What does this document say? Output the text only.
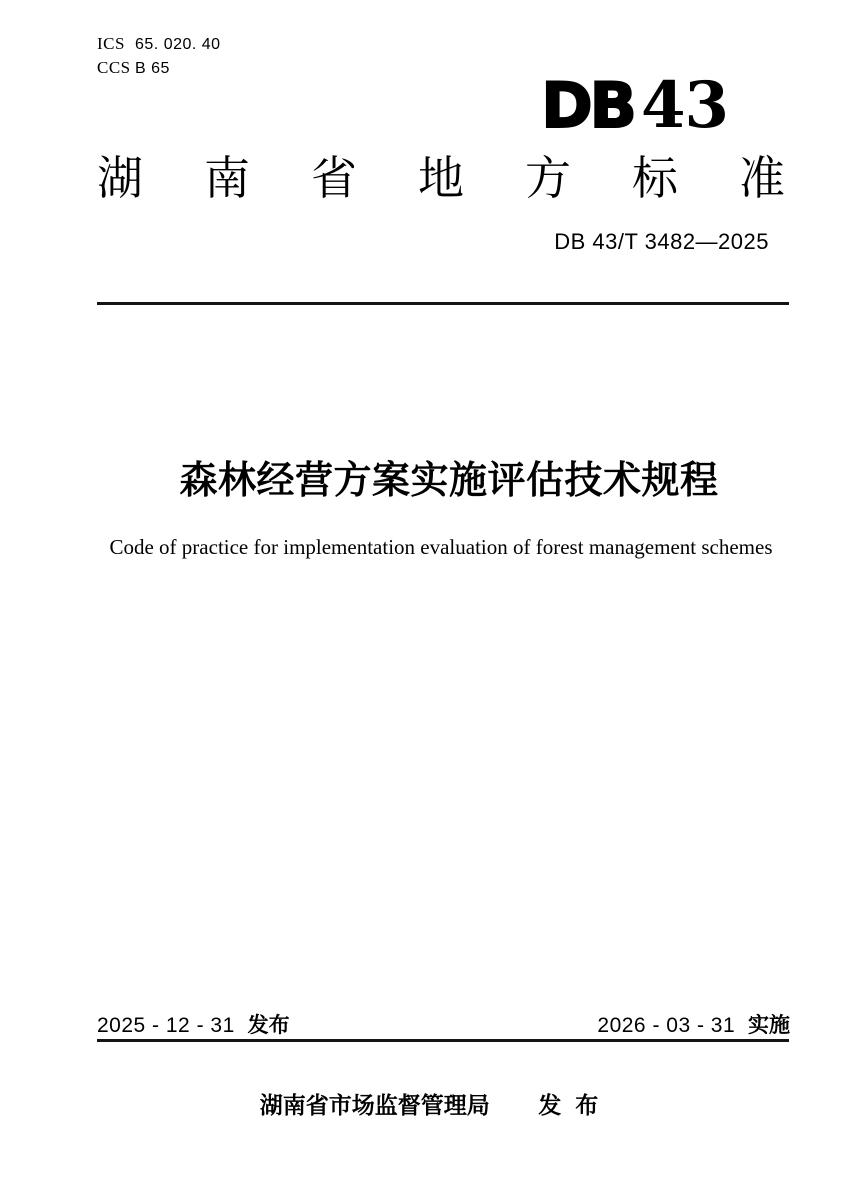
ICS 65. 020. 40
CCS B 65
DB 43
湖 南 省 地 方 标 准
DB 43/T 3482—2025
森林经营方案实施评估技术规程
Code of practice for implementation evaluation of forest management schemes
2025 - 12 - 31 发布	2026 - 03 - 31 实施
湖南省市场监督管理局 发布
